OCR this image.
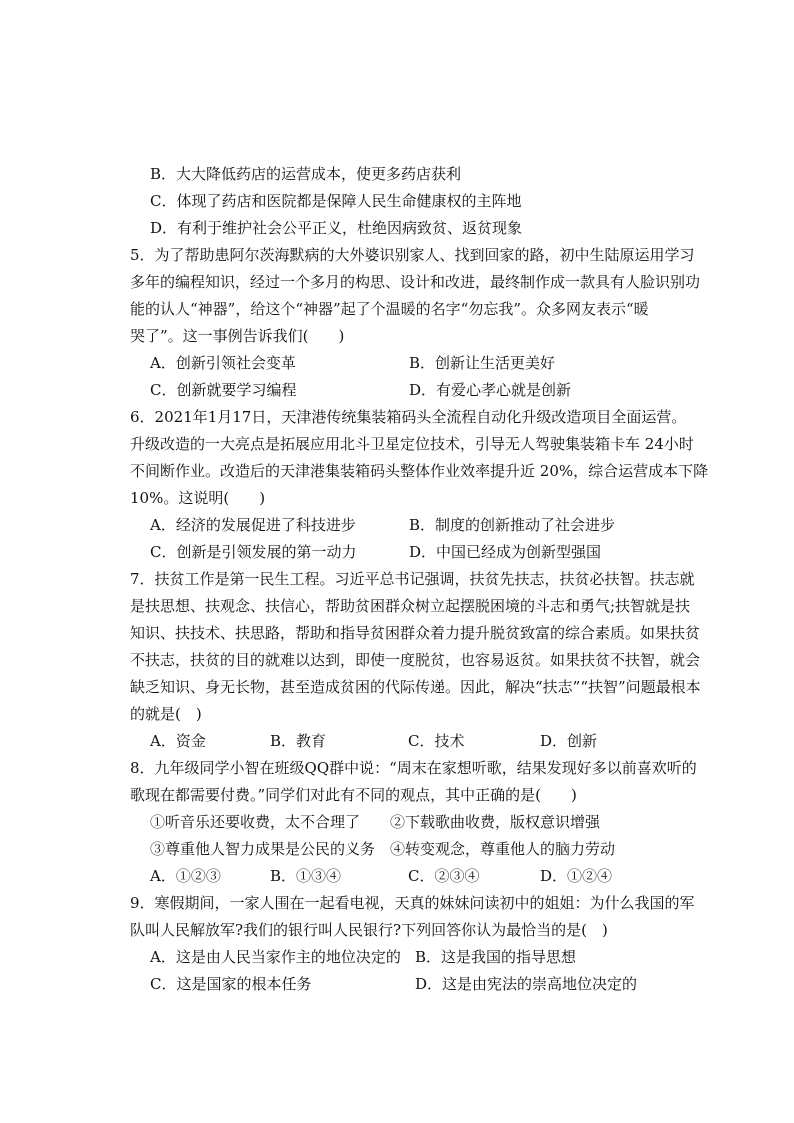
B．大大降低药店的运营成本，使更多药店获利
C．体现了药店和医院都是保障人民生命健康权的主阵地
D．有利于维护社会公平正义，杜绝因病致贫、返贫现象
5．为了帮助患阿尔茨海默病的大外婆识别家人、找到回家的路，初中生陆原运用学习
多年的编程知识，经过一个多月的构思、设计和改进，最终制作成一款具有人脸识别功
能的认人“神器”，给这个“神器”起了个温暖的名字“勿忘我”。众多网友表示“暖
哭了”。这一事例告诉我们(　　)
A．创新引领社会变革	B．创新让生活更美好
C．创新就要学习编程	D．有爱心孝心就是创新
6．2021年1月17日，天津港传统集装箱码头全流程自动化升级改造项目全面运营。
升级改造的一大亮点是拓展应用北斗卫星定位技术，引导无人驾驶集装箱卡车 24小时
不间断作业。改造后的天津港集装箱码头整体作业效率提升近 20%，综合运营成本下降
10%。这说明(　　)
A．经济的发展促进了科技进步	B．制度的创新推动了社会进步
C．创新是引领发展的第一动力	D．中国已经成为创新型强国
7．扶贫工作是第一民生工程。习近平总书记强调，扶贫先扶志，扶贫必扶智。扶志就
是扶思想、扶观念、扶信心，帮助贫困群众树立起摆脱困境的斗志和勇气;扶智就是扶
知识、扶技术、扶思路，帮助和指导贫困群众着力提升脱贫致富的综合素质。如果扶贫
不扶志，扶贫的目的就难以达到，即使一度脱贫，也容易返贫。如果扶贫不扶智，就会
缺乏知识、身无长物，甚至造成贫困的代际传递。因此，解决“扶志”“扶智”问题最根本
的就是(　)
A．资金	B．教育	C．技术	D．创新
8．九年级同学小智在班级QQ群中说：“周末在家想听歌，结果发现好多以前喜欢听的
歌现在都需要付费。”同学们对此有不同的观点，其中正确的是(　　)
①听音乐还要收费，太不合理了 ②下载歌曲收费，版权意识增强
③尊重他人智力成果是公民的义务 ④转变观念，尊重他人的脑力劳动
A．①②③	B．①③④	C．②③④	D．①②④
9．寒假期间，一家人围在一起看电视，天真的妹妹问读初中的姐姐：为什么我国的军
队叫人民解放军?我们的银行叫人民银行?下列回答你认为最恰当的是(　)
A．这是由人民当家作主的地位决定的 B．这是我国的指导思想
C．这是国家的根本任务	D．这是由宪法的崇高地位决定的
